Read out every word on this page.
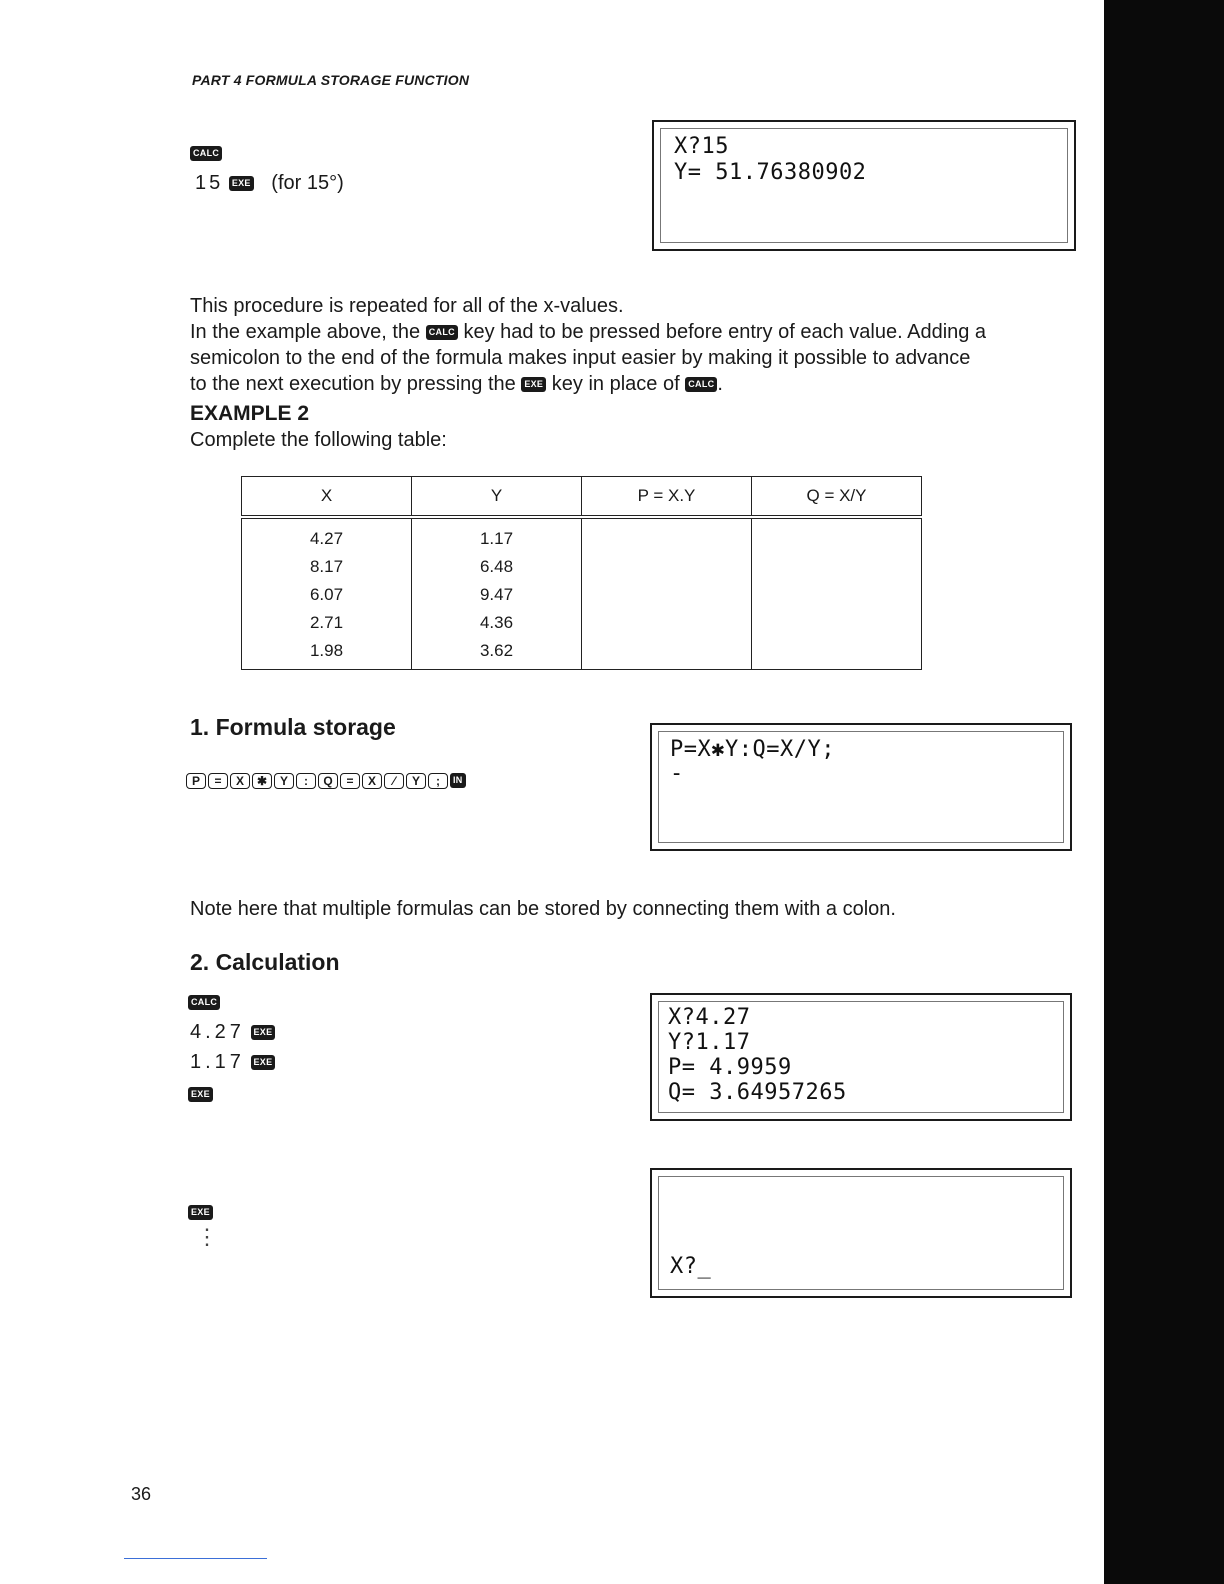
PART 4 FORMULA STORAGE FUNCTION
CALC
15 EXE (for 15°)
X?15
Y= 51.76380902
This procedure is repeated for all of the x-values.
In the example above, the CALC key had to be pressed before entry of each value. Adding a
semicolon to the end of the formula makes input easier by making it possible to advance
to the next execution by pressing the EXE key in place of CALC .
EXAMPLE 2
Complete the following table:
X	Y	P = X.Y	Q = X/Y
4.27	1.17		
8.17	6.48		
6.07	9.47		
2.71	4.36		
1.98	3.62		
1. Formula storage
P = X ✱ Y : Q = X ⁄ Y ; IN
P=X✱Y:Q=X/Y;
-
Note here that multiple formulas can be stored by connecting them with a colon.
2. Calculation
CALC
4.27 EXE
1.17 EXE
EXE
X?4.27
Y?1.17
P= 4.9959
Q= 3.64957265
EXE
⋮
X?_
36
